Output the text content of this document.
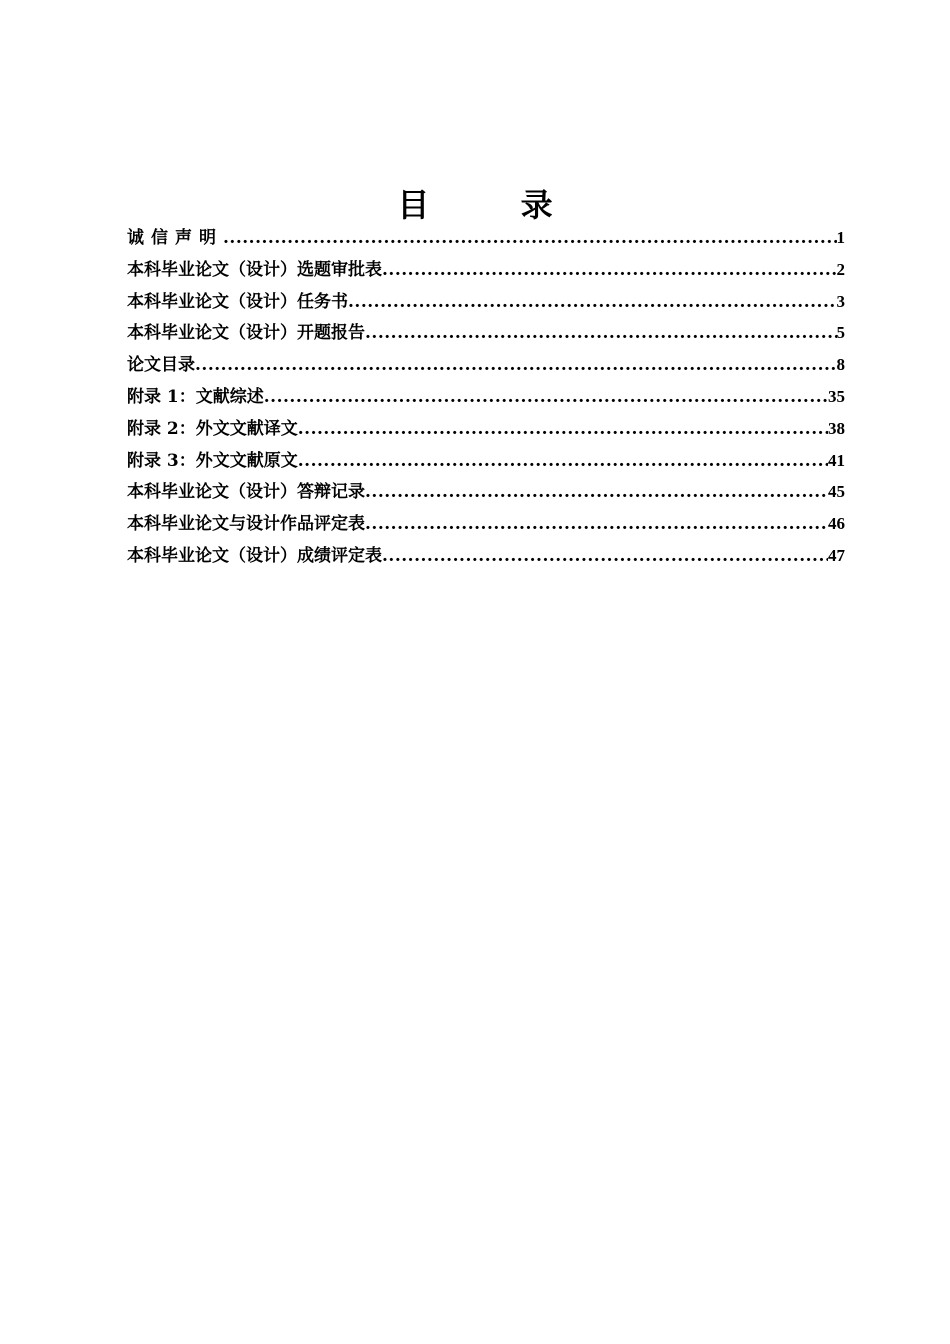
目 录
诚信声明 .....	1
本科毕业论文（设计）选题审批表 .....	2
本科毕业论文（设计）任务书 .....	3
本科毕业论文（设计）开题报告 .....	5
论文目录 .....	8
附录 1：文献综述 .....	35
附录 2：外文文献译文 .....	38
附录 3：外文文献原文 .....	41
本科毕业论文（设计）答辩记录 .....	45
本科毕业论文与设计作品评定表 .....	46
本科毕业论文（设计）成绩评定表 .....	47
